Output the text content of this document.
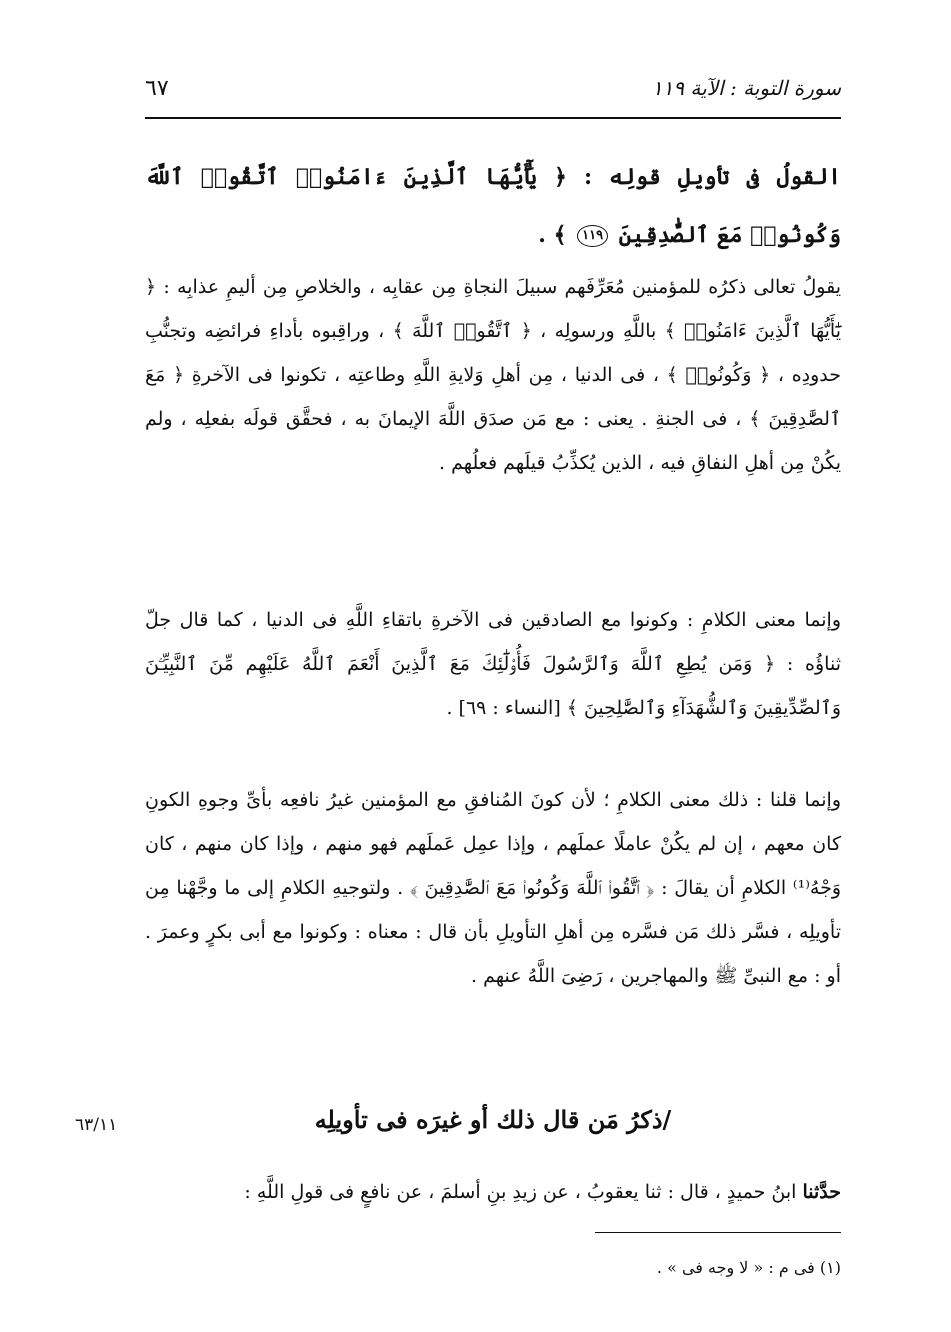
٦٧	سورة التوبة : الآية ١١٩
القولُ فى تأويلِ قولِه : ﴿ يَٰٓأَيُّهَا ٱلَّذِينَ ءَامَنُوا۟ ٱتَّقُوا۟ ٱللَّهَ وَكُونُوا۟ مَعَ ٱلصَّٰدِقِينَ ١١٩ ﴾ .
يقولُ تعالى ذكرُه للمؤمنين مُعَرِّفَهم سبيلَ النجاةِ مِن عقابِه ، والخلاصِ مِن أليمِ عذابِه : ﴿ يَٰٓأَيُّهَا ٱلَّذِينَ ءَامَنُوا۟ ﴾ باللَّهِ ورسولِه ، ﴿ ٱتَّقُوا۟ ٱللَّهَ ﴾ ، وراقِبوه بأداءِ فرائضِه وتجنُّبِ حدودِه ، ﴿ وَكُونُوا۟ ﴾ ، فى الدنيا ، مِن أهلِ وَلايةِ اللَّهِ وطاعتِه ، تكونوا فى الآخرةِ ﴿ مَعَ ٱلصَّٰدِقِينَ ﴾ ، فى الجنةِ . يعنى : مع مَن صدَق اللَّهَ الإيمانَ به ، فحقَّق قولَه بفعلِه ، ولم يكُنْ مِن أهلِ النفاقِ فيه ، الذين يُكذِّبُ قيلَهم فعلُهم .
وإنما معنى الكلامِ : وكونوا مع الصادقين فى الآخرةِ باتقاءِ اللَّهِ فى الدنيا ، كما قال جلّ ثناؤُه : ﴿ وَمَن يُطِعِ ٱللَّهَ وَٱلرَّسُولَ فَأُو۟لَٰٓئِكَ مَعَ ٱلَّذِينَ أَنْعَمَ ٱللَّهُ عَلَيْهِم مِّنَ ٱلنَّبِيِّـۧنَ وَٱلصِّدِّيقِينَ وَٱلشُّهَدَآءِ وَٱلصَّٰلِحِينَ ﴾ [النساء : ٦٩] .
وإنما قلنا : ذلك معنى الكلامِ ؛ لأن كونَ المُنافقِ مع المؤمنين غيرُ نافعِه بأىِّ وجوهِ الكونِ كان معهم ، إن لم يكُنْ عاملًا عملَهم ، وإذا عمِل عَملَهم فهو منهم ، وإذا كان منهم ، كان وَجْهُ⁽¹⁾ الكلامِ أن يقالَ : ﴿ ٱتَّقُوا۟ ٱللَّهَ وَكُونُوا۟ مَعَ ٱلصَّٰدِقِينَ ﴾ . ولتوجيهِ الكلامِ إلى ما وجَّهْنا مِن تأويلِه ، فسَّر ذلك مَن فسَّره مِن أهلِ التأويلِ بأن قال : معناه : وكونوا مع أبى بكرٍ وعمرَ . أو : مع النبىِّ ﷺ والمهاجرين ، رَضِىَ اللَّهُ عنهم .
٦٣/١١	/ذكرُ مَن قال ذلك أو غيرَه فى تأويلِه
حدَّثنا ابنُ حميدٍ ، قال : ثنا يعقوبُ ، عن زيدِ بنِ أسلمَ ، عن نافعٍ فى قولِ اللَّهِ :
(١) فى م : « لا وجه فى » .
